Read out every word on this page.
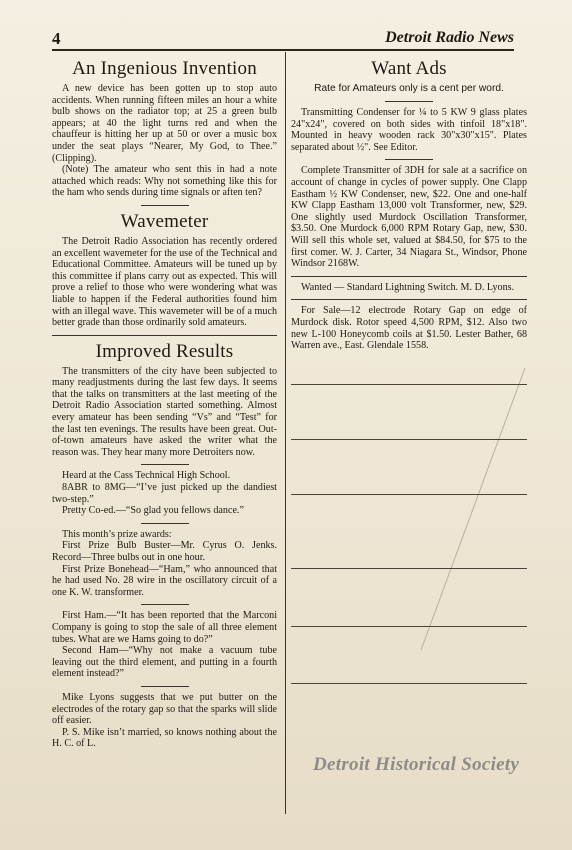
4	Detroit Radio News
An Ingenious Invention

A new device has been gotten up to stop auto accidents. When running fifteen miles an hour a white bulb shows on the radiator top; at 25 a green bulb appears; at 40 the light turns red and when the chauffeur is hitting her up at 50 or over a music box under the seat plays “Nearer, My God, to Thee.” (Clipping).

(Note) The amateur who sent this in had a note attached which reads: Why not something like this for the ham who sends during time signals or aften ten?

Wavemeter

The Detroit Radio Association has recently ordered an excellent wavemeter for the use of the Technical and Educational Committee. Amateurs will be tuned up by this committee if plans carry out as expected. This will prove a relief to those who were wondering what was liable to happen if the Federal authorities found him with an illegal wave. This wavemeter will be of a much better grade than those ordinarily sold amateurs.

Improved Results

The transmitters of the city have been subjected to many readjustments during the last few days. It seems that the talks on transmitters at the last meeting of the Detroit Radio Association started something. Almost every amateur has been sending “Vs” and “Test” for the last ten evenings. The results have been great. Out-of-town amateurs have asked the writer what the reason was. They hear many more Detroiters now.

Heard at the Cass Technical High School.

8ABR to 8MG—“I’ve just picked up the dandiest two-step.”

Pretty Co-ed.—“So glad you fellows dance.”

This month’s prize awards:

First Prize Bulb Buster—Mr. Cyrus O. Jenks. Record—Three bulbs out in one hour.

First Prize Bonehead—“Ham,” who announced that he had used No. 28 wire in the oscillatory circuit of a one K. W. transformer.

First Ham.—“It has been reported that the Marconi Company is going to stop the sale of all three element tubes. What are we Hams going to do?”

Second Ham—“Why not make a vacuum tube leaving out the third element, and putting in a fourth element instead?”

Mike Lyons suggests that we put butter on the electrodes of the rotary gap so that the sparks will slide off easier.

P. S. Mike isn’t married, so knows nothing about the H. C. of L.

Want Ads
Rate for Amateurs only is a cent per word.

Transmitting Condenser for ¼ to 5 KW 9 glass plates 24"x24", covered on both sides with tinfoil 18"x18". Mounted in heavy wooden rack 30"x30"x15". Plates separated about ½". See Editor.

Complete Transmitter of 3DH for sale at a sacrifice on account of change in cycles of power supply. One Clapp Eastham ½ KW Condenser, new, $22. One and one-half KW Clapp Eastham 13,000 volt Transformer, new, $29. One slightly used Murdock Oscillation Transformer, $3.50. One Murdock 6,000 RPM Rotary Gap, new, $30. Will sell this whole set, valued at $84.50, for $75 to the first comer. W. J. Carter, 34 Niagara St., Windsor, Phone Windsor 2168W.

Wanted — Standard Lightning Switch. M. D. Lyons.

For Sale—12 electrode Rotary Gap on edge of Murdock disk. Rotor speed 4,500 RPM, $12. Also two new L-100 Honeycomb coils at $1.50. Lester Bather, 68 Warren ave., East. Glendale 1558.

Detroit Historical Society
